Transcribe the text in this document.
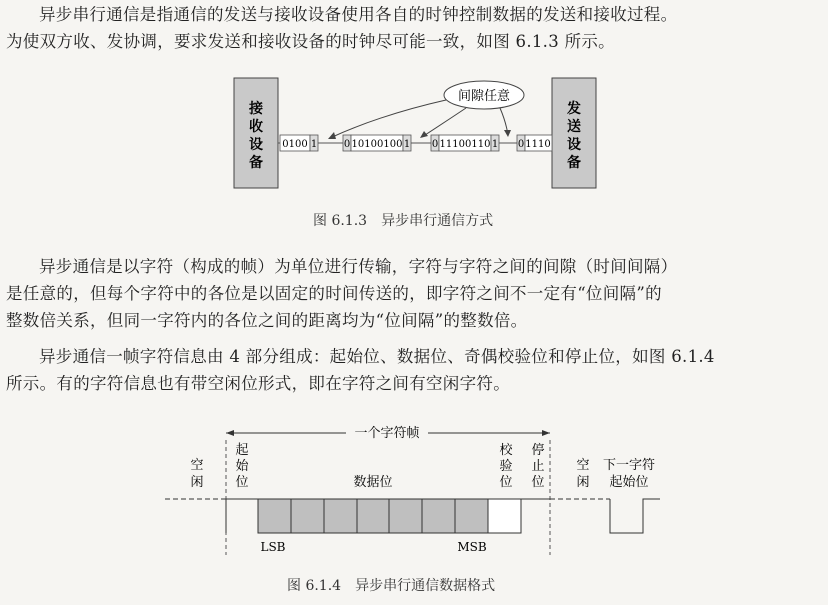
异步串行通信是指通信的发送与接收设备使用各自的时钟控制数据的发送和接收过程。
为使双方收、发协调，要求发送和接收设备的时钟尽可能一致，如图 6.1.3 所示。
接
收
设
备
发
送
设
备
0100 1	0 10100100 1 0 11100110 1 0 1110
间隙任意
图 6.1.3　异步串行通信方式
异步通信是以字符（构成的帧）为单位进行传输，字符与字符之间的间隙（时间间隔）
是任意的，但每个字符中的各位是以固定的时间传送的，即字符之间不一定有“位间隔”的
整数倍关系，但同一字符内的各位之间的距离均为“位间隔”的整数倍。
异步通信一帧字符信息由 4 部分组成：起始位、数据位、奇偶校验位和停止位，如图 6.1.4
所示。有的字符信息也有带空闲位形式，即在字符之间有空闲字符。
一个字符帧
空
闲
起
始
位	数据位
校
验
位
停
止
位
空
闲
下一字符
起始位
LSB	MSB
图 6.1.4　异步串行通信数据格式
